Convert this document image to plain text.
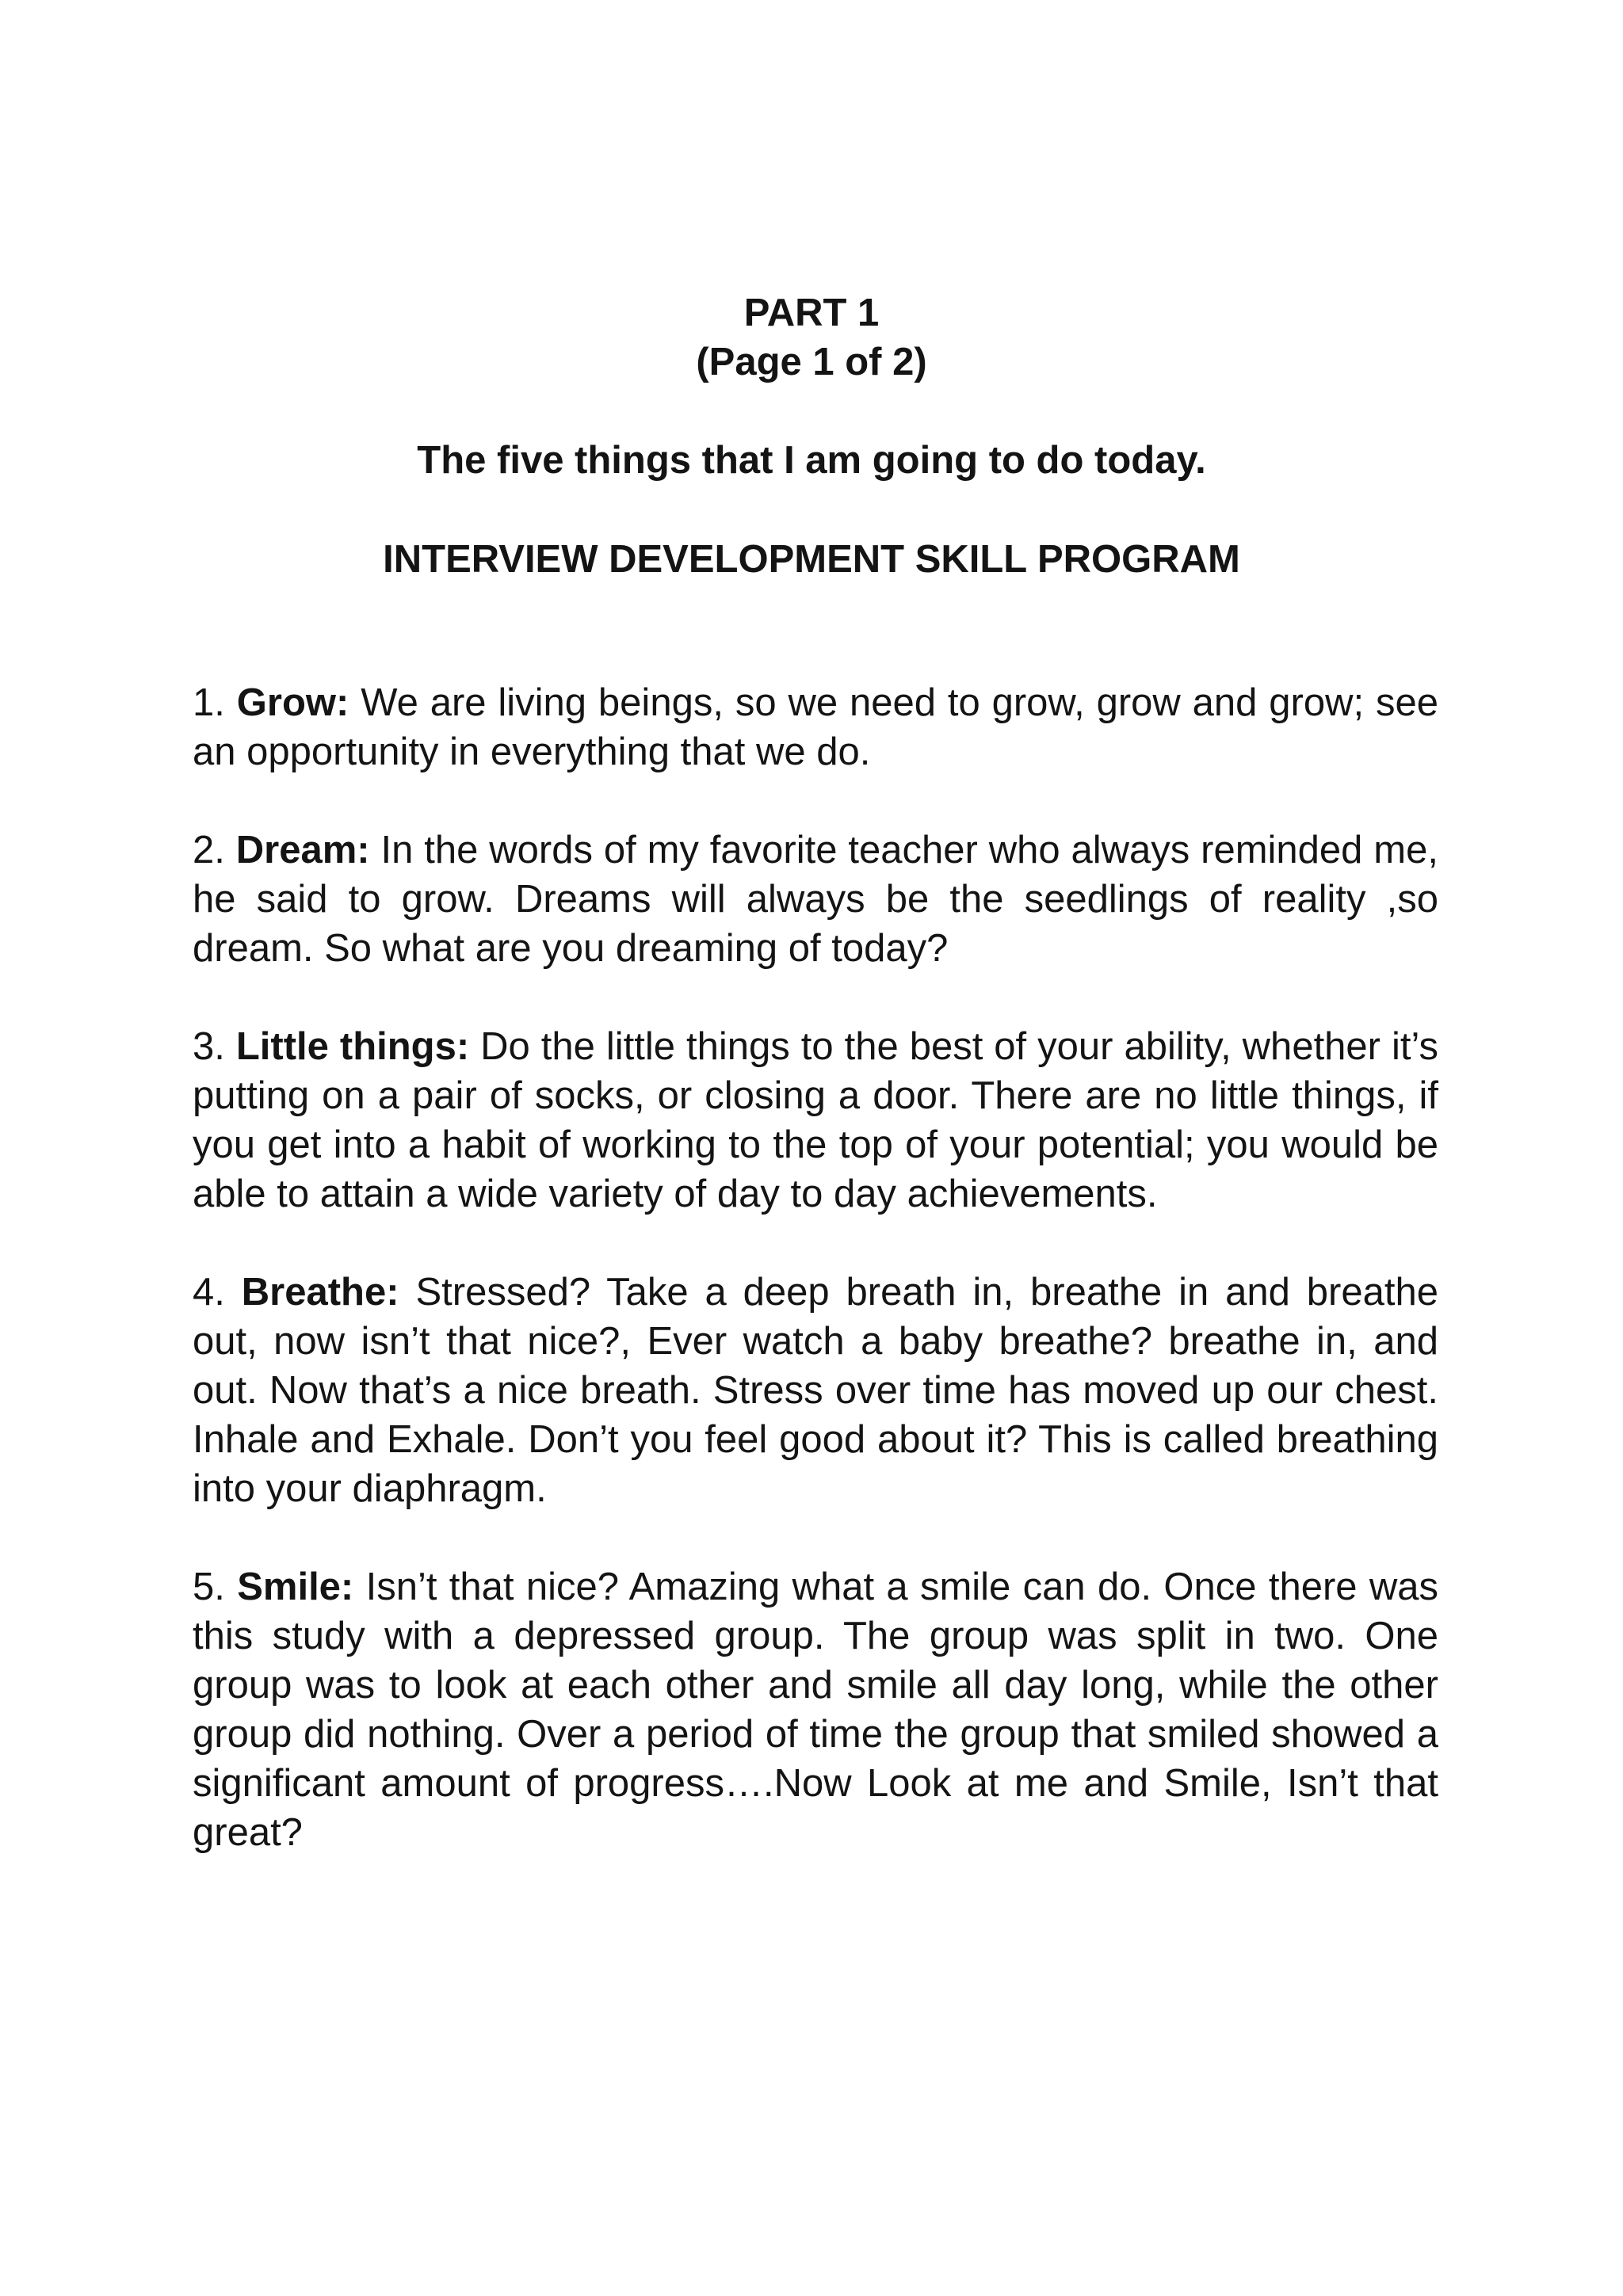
PART 1

(Page 1 of 2)

The five things that I am going to do today.

INTERVIEW DEVELOPMENT SKILL PROGRAM

1. Grow: We are living beings, so we need to grow, grow and grow; see an opportunity in everything that we do.

2. Dream: In the words of my favorite teacher who always reminded me, he said to grow. Dreams will always be the seedlings of reality ,so dream. So what are you dreaming of today?

3. Little things: Do the little things to the best of your ability, whether it’s putting on a pair of socks, or closing a door. There are no little things, if you get into a habit of working to the top of your potential; you would be able to attain a wide variety of day to day achievements.

4. Breathe: Stressed? Take a deep breath in, breathe in and breathe out, now isn’t that nice?, Ever watch a baby breathe? breathe in, and out. Now that’s a nice breath. Stress over time has moved up our chest. Inhale and Exhale. Don’t you feel good about it? This is called breathing into your diaphragm.

5. Smile: Isn’t that nice? Amazing what a smile can do. Once there was this study with a depressed group. The group was split in two. One group was to look at each other and smile all day long, while the other group did nothing. Over a period of time the group that smiled showed a significant amount of progress….Now Look at me and Smile, Isn’t that great?
